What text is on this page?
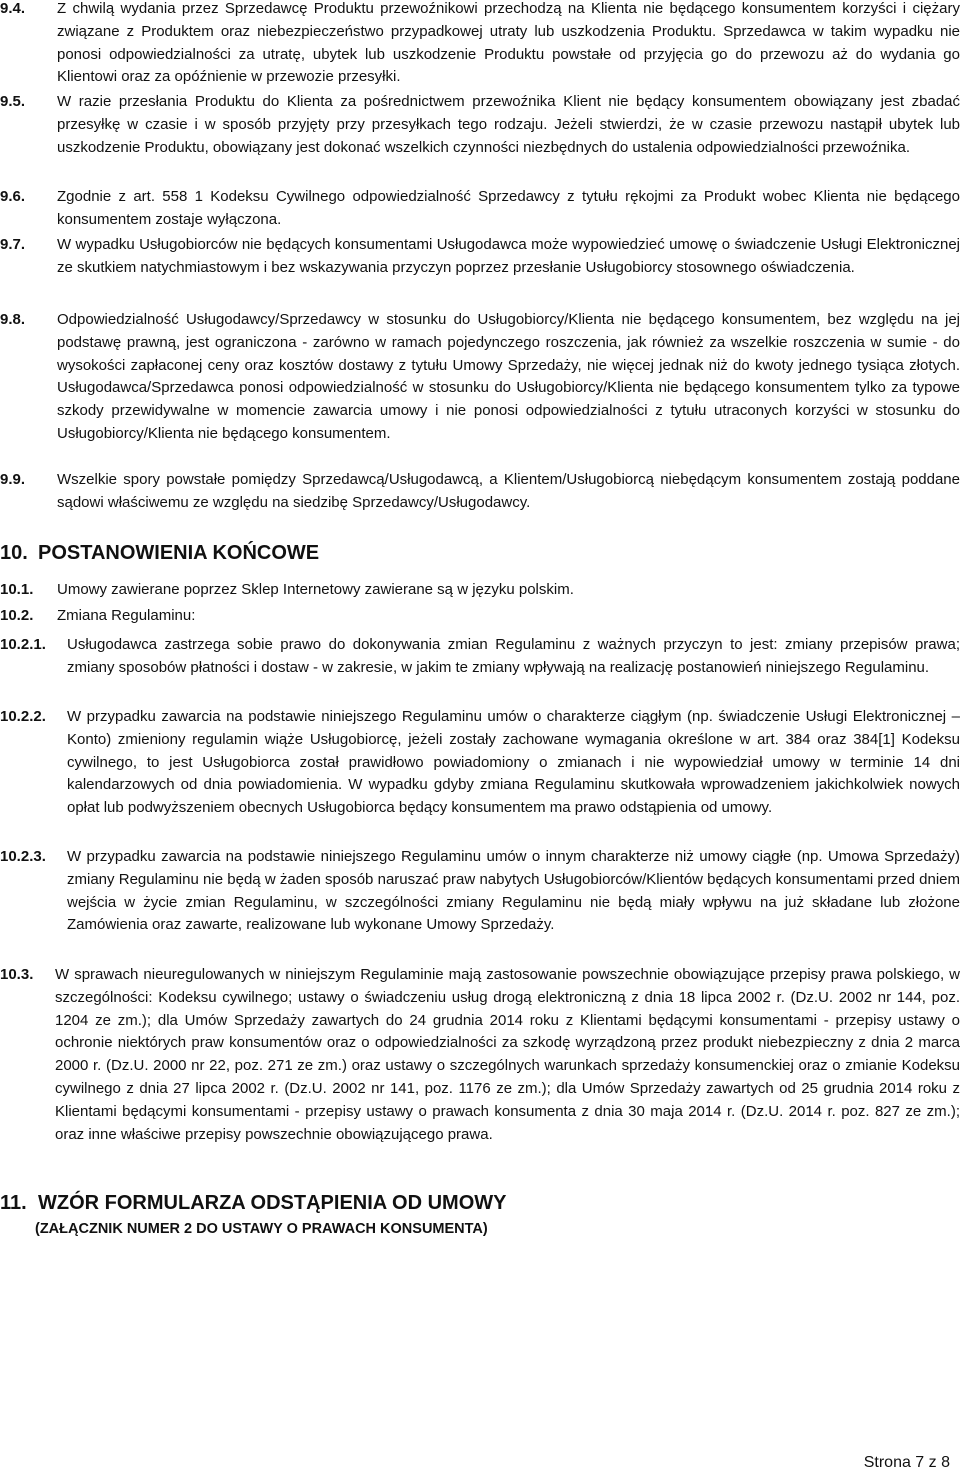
9.4. Z chwilą wydania przez Sprzedawcę Produktu przewoźnikowi przechodzą na Klienta nie będącego konsumentem korzyści i ciężary związane z Produktem oraz niebezpieczeństwo przypadkowej utraty lub uszkodzenia Produktu. Sprzedawca w takim wypadku nie ponosi odpowiedzialności za utratę, ubytek lub uszkodzenie Produktu powstałe od przyjęcia go do przewozu aż do wydania go Klientowi oraz za opóźnienie w przewozie przesyłki.

9.5. W razie przesłania Produktu do Klienta za pośrednictwem przewoźnika Klient nie będący konsumentem obowiązany jest zbadać przesyłkę w czasie i w sposób przyjęty przy przesyłkach tego rodzaju. Jeżeli stwierdzi, że w czasie przewozu nastąpił ubytek lub uszkodzenie Produktu, obowiązany jest dokonać wszelkich czynności niezbędnych do ustalenia odpowiedzialności przewoźnika.

9.6. Zgodnie z art. 558 1 Kodeksu Cywilnego odpowiedzialność Sprzedawcy z tytułu rękojmi za Produkt wobec Klienta nie będącego konsumentem zostaje wyłączona.

9.7. W wypadku Usługobiorców nie będących konsumentami Usługodawca może wypowiedzieć umowę o świadczenie Usługi Elektronicznej ze skutkiem natychmiastowym i bez wskazywania przyczyn poprzez przesłanie Usługobiorcy stosownego oświadczenia.

9.8. Odpowiedzialność Usługodawcy/Sprzedawcy w stosunku do Usługobiorcy/Klienta nie będącego konsumentem, bez względu na jej podstawę prawną, jest ograniczona - zarówno w ramach pojedynczego roszczenia, jak również za wszelkie roszczenia w sumie - do wysokości zapłaconej ceny oraz kosztów dostawy z tytułu Umowy Sprzedaży, nie więcej jednak niż do kwoty jednego tysiąca złotych. Usługodawca/Sprzedawca ponosi odpowiedzialność w stosunku do Usługobiorcy/Klienta nie będącego konsumentem tylko za typowe szkody przewidywalne w momencie zawarcia umowy i nie ponosi odpowiedzialności z tytułu utraconych korzyści w stosunku do Usługobiorcy/Klienta nie będącego konsumentem.

9.9. Wszelkie spory powstałe pomiędzy Sprzedawcą/Usługodawcą, a Klientem/Usługobiorcą niebędącym konsumentem zostają poddane sądowi właściwemu ze względu na siedzibę Sprzedawcy/Usługodawcy.

10. POSTANOWIENIA KOŃCOWE
10.1. Umowy zawierane poprzez Sklep Internetowy zawierane są w języku polskim.

10.2. Zmiana Regulaminu:

10.2.1. Usługodawca zastrzega sobie prawo do dokonywania zmian Regulaminu z ważnych przyczyn to jest: zmiany przepisów prawa; zmiany sposobów płatności i dostaw - w zakresie, w jakim te zmiany wpływają na realizację postanowień niniejszego Regulaminu.

10.2.2. W przypadku zawarcia na podstawie niniejszego Regulaminu umów o charakterze ciągłym (np. świadczenie Usługi Elektronicznej – Konto) zmieniony regulamin wiąże Usługobiorcę, jeżeli zostały zachowane wymagania określone w art. 384 oraz 384[1] Kodeksu cywilnego, to jest Usługobiorca został prawidłowo powiadomiony o zmianach i nie wypowiedział umowy w terminie 14 dni kalendarzowych od dnia powiadomienia. W wypadku gdyby zmiana Regulaminu skutkowała wprowadzeniem jakichkolwiek nowych opłat lub podwyższeniem obecnych Usługobiorca będący konsumentem ma prawo odstąpienia od umowy.

10.2.3. W przypadku zawarcia na podstawie niniejszego Regulaminu umów o innym charakterze niż umowy ciągłe (np. Umowa Sprzedaży) zmiany Regulaminu nie będą w żaden sposób naruszać praw nabytych Usługobiorców/Klientów będących konsumentami przed dniem wejścia w życie zmian Regulaminu, w szczególności zmiany Regulaminu nie będą miały wpływu na już składane lub złożone Zamówienia oraz zawarte, realizowane lub wykonane Umowy Sprzedaży.

10.3. W sprawach nieuregulowanych w niniejszym Regulaminie mają zastosowanie powszechnie obowiązujące przepisy prawa polskiego, w szczególności: Kodeksu cywilnego; ustawy o świadczeniu usług drogą elektroniczną z dnia 18 lipca 2002 r. (Dz.U. 2002 nr 144, poz. 1204 ze zm.); dla Umów Sprzedaży zawartych do 24 grudnia 2014 roku z Klientami będącymi konsumentami - przepisy ustawy o ochronie niektórych praw konsumentów oraz o odpowiedzialności za szkodę wyrządzoną przez produkt niebezpieczny z dnia 2 marca 2000 r. (Dz.U. 2000 nr 22, poz. 271 ze zm.) oraz ustawy o szczególnych warunkach sprzedaży konsumenckiej oraz o zmianie Kodeksu cywilnego z dnia 27 lipca 2002 r. (Dz.U. 2002 nr 141, poz. 1176 ze zm.); dla Umów Sprzedaży zawartych od 25 grudnia 2014 roku z Klientami będącymi konsumentami - przepisy ustawy o prawach konsumenta z dnia 30 maja 2014 r. (Dz.U. 2014 r. poz. 827 ze zm.); oraz inne właściwe przepisy powszechnie obowiązującego prawa.

11. WZÓR FORMULARZA ODSTĄPIENIA OD UMOWY
(ZAŁĄCZNIK NUMER 2 DO USTAWY O PRAWACH KONSUMENTA)
Strona 7 z 8
